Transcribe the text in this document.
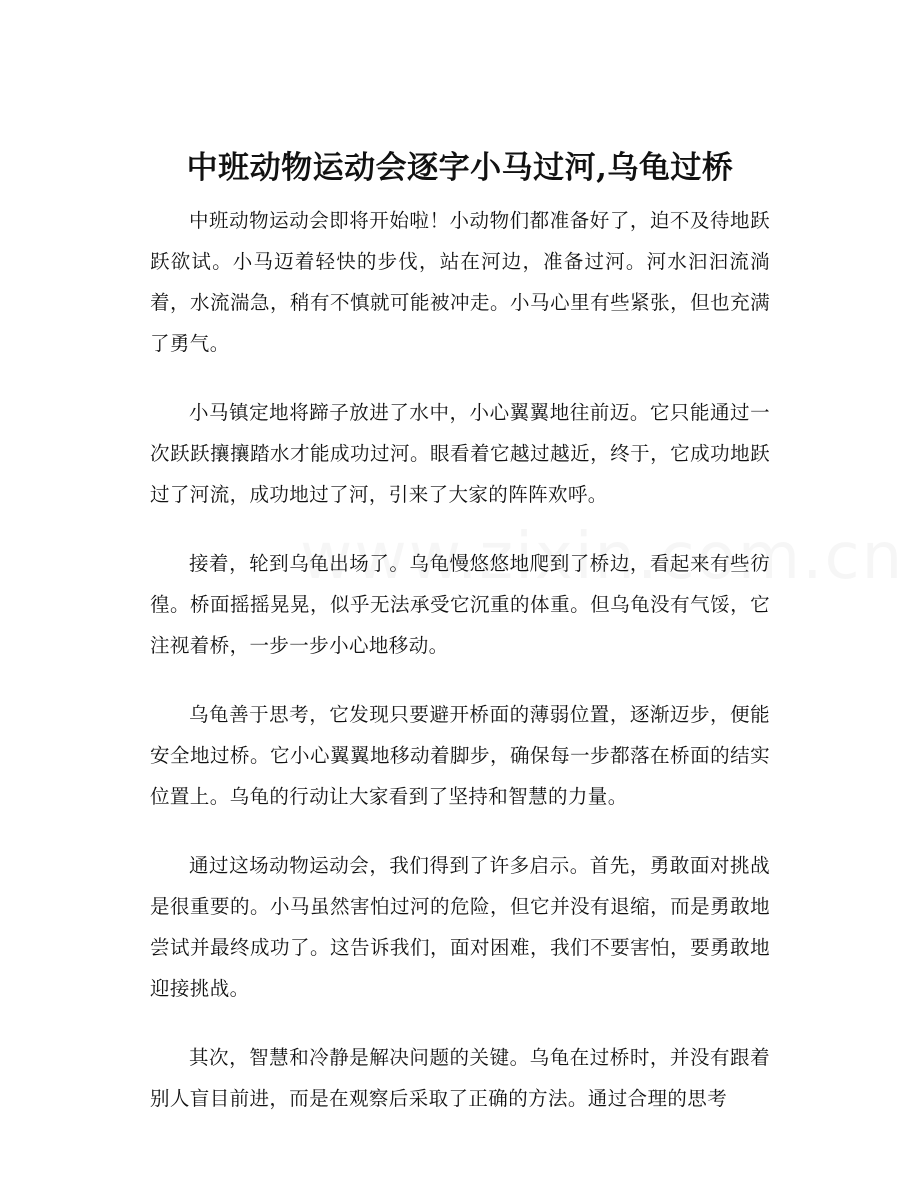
中班动物运动会逐字小马过河,乌龟过桥

中班动物运动会即将开始啦！小动物们都准备好了，迫不及待地跃跃欲试。小马迈着轻快的步伐，站在河边，准备过河。河水汩汩流淌着，水流湍急，稍有不慎就可能被冲走。小马心里有些紧张，但也充满了勇气。

小马镇定地将蹄子放进了水中，小心翼翼地往前迈。它只能通过一次跃跃攘攘踏水才能成功过河。眼看着它越过越近，终于，它成功地跃过了河流，成功地过了河，引来了大家的阵阵欢呼。

接着，轮到乌龟出场了。乌龟慢悠悠地爬到了桥边，看起来有些彷徨。桥面摇摇晃晃，似乎无法承受它沉重的体重。但乌龟没有气馁，它注视着桥，一步一步小心地移动。

乌龟善于思考，它发现只要避开桥面的薄弱位置，逐渐迈步，便能安全地过桥。它小心翼翼地移动着脚步，确保每一步都落在桥面的结实位置上。乌龟的行动让大家看到了坚持和智慧的力量。

通过这场动物运动会，我们得到了许多启示。首先，勇敢面对挑战是很重要的。小马虽然害怕过河的危险，但它并没有退缩，而是勇敢地尝试并最终成功了。这告诉我们，面对困难，我们不要害怕，要勇敢地迎接挑战。

其次，智慧和冷静是解决问题的关键。乌龟在过桥时，并没有跟着别人盲目前进，而是在观察后采取了正确的方法。通过合理的思考
